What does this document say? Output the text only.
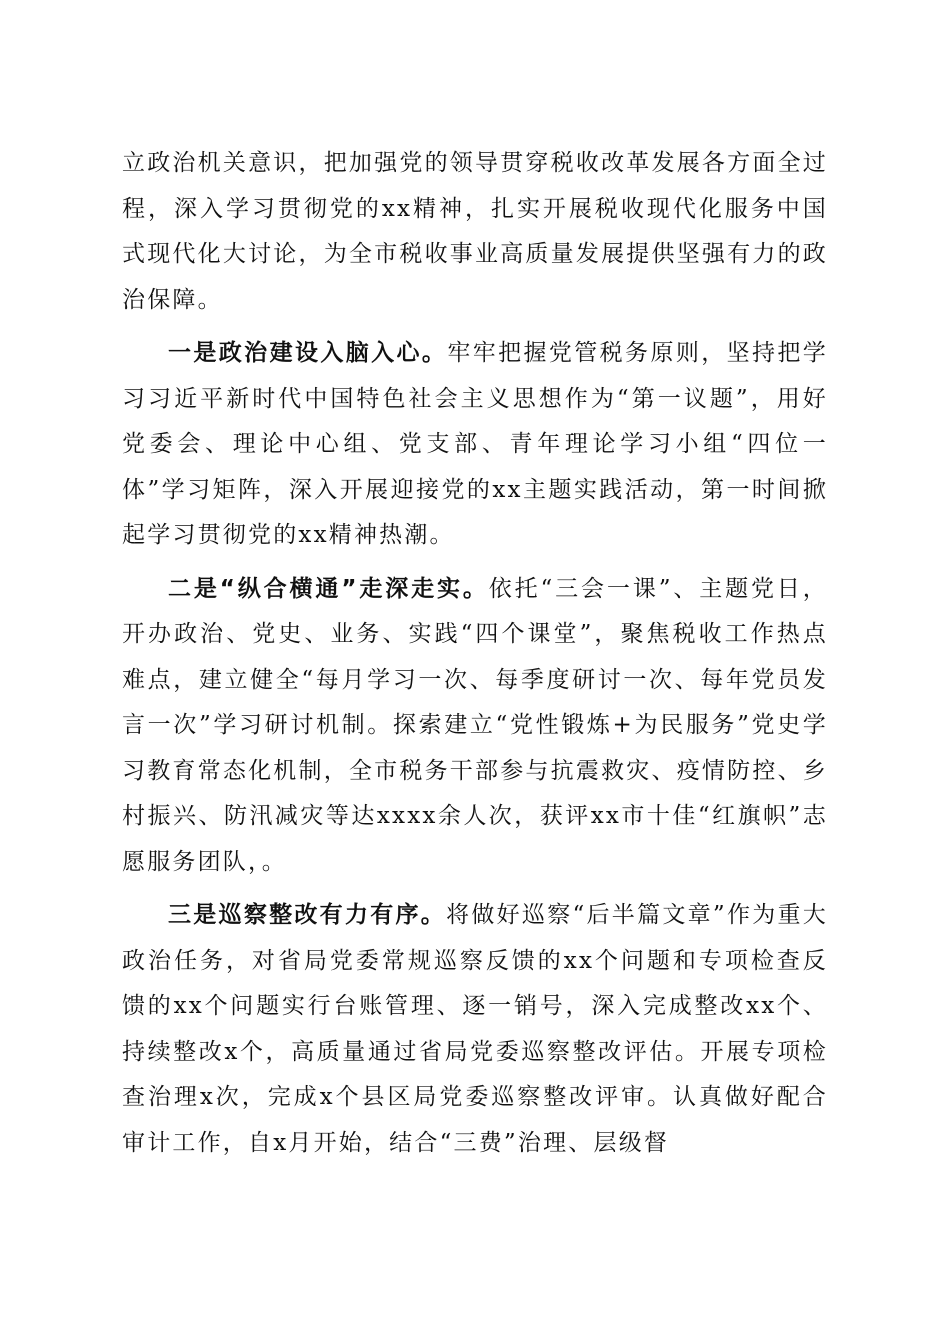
立政治机关意识，把加强党的领导贯穿税收改革发展各方面全过程，深入学习贯彻党的xx精神，扎实开展税收现代化服务中国式现代化大讨论，为全市税收事业高质量发展提供坚强有力的政治保障。

一是政治建设入脑入心。牢牢把握党管税务原则，坚持把学习习近平新时代中国特色社会主义思想作为“第一议题”，用好党委会、理论中心组、党支部、青年理论学习小组“四位一体”学习矩阵，深入开展迎接党的xx主题实践活动，第一时间掀起学习贯彻党的xx精神热潮。

二是“纵合横通”走深走实。依托“三会一课”、主题党日，开办政治、党史、业务、实践“四个课堂”，聚焦税收工作热点难点，建立健全“每月学习一次、每季度研讨一次、每年党员发言一次”学习研讨机制。探索建立“党性锻炼+为民服务”党史学习教育常态化机制，全市税务干部参与抗震救灾、疫情防控、乡村振兴、防汛减灾等达xxxx余人次，获评xx市十佳“红旗帜”志愿服务团队，。

三是巡察整改有力有序。将做好巡察“后半篇文章”作为重大政治任务，对省局党委常规巡察反馈的xx个问题和专项检查反馈的xx个问题实行台账管理、逐一销号，深入完成整改xx个、持续整改x个，高质量通过省局党委巡察整改评估。开展专项检查治理x次，完成x个县区局党委巡察整改评审。认真做好配合审计工作，自x月开始，结合“三费”治理、层级督
